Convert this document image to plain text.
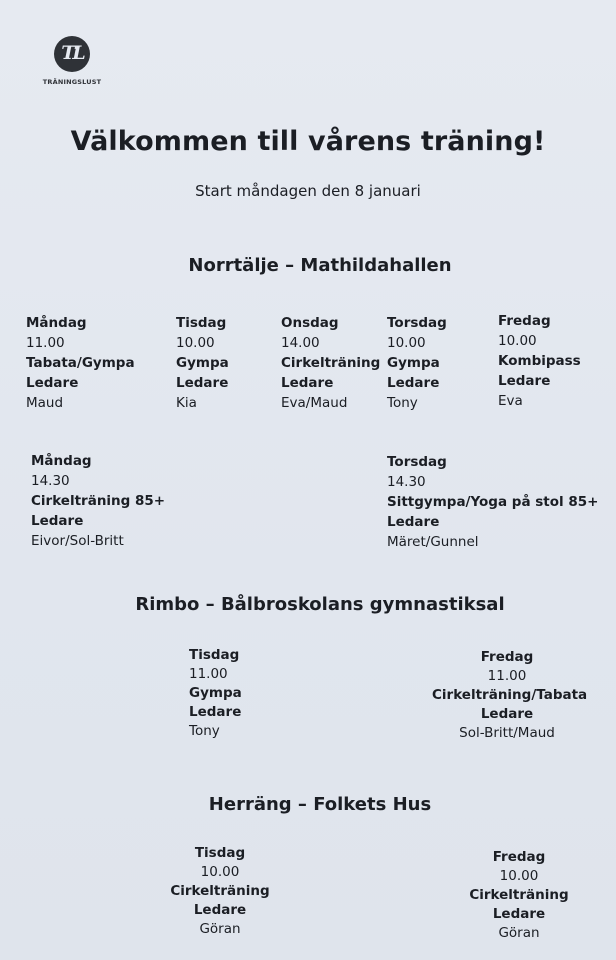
TL
TRÄNINGSLUST
Välkommen till vårens träning!
Start måndagen den 8 januari
Norrtälje – Mathildahallen
Måndag
11.00
Tabata/Gympa
Ledare
Maud
Tisdag
10.00
Gympa
Ledare
Kia
Onsdag
14.00
Cirkelträning
Ledare
Eva/Maud
Torsdag
10.00
Gympa
Ledare
Tony
Fredag
10.00
Kombipass
Ledare
Eva
Måndag
14.30
Cirkelträning 85+
Ledare
Eivor/Sol-Britt
Torsdag
14.30
Sittgympa/Yoga på stol 85+
Ledare
Märet/Gunnel
Rimbo – Bålbroskolans gymnastiksal
Tisdag
11.00
Gympa
Ledare
Tony
Fredag
11.00
Cirkelträning/Tabata
Ledare
Sol-Britt/Maud
Herräng – Folkets Hus
Tisdag
10.00
Cirkelträning
Ledare
Göran
Fredag
10.00
Cirkelträning
Ledare
Göran
